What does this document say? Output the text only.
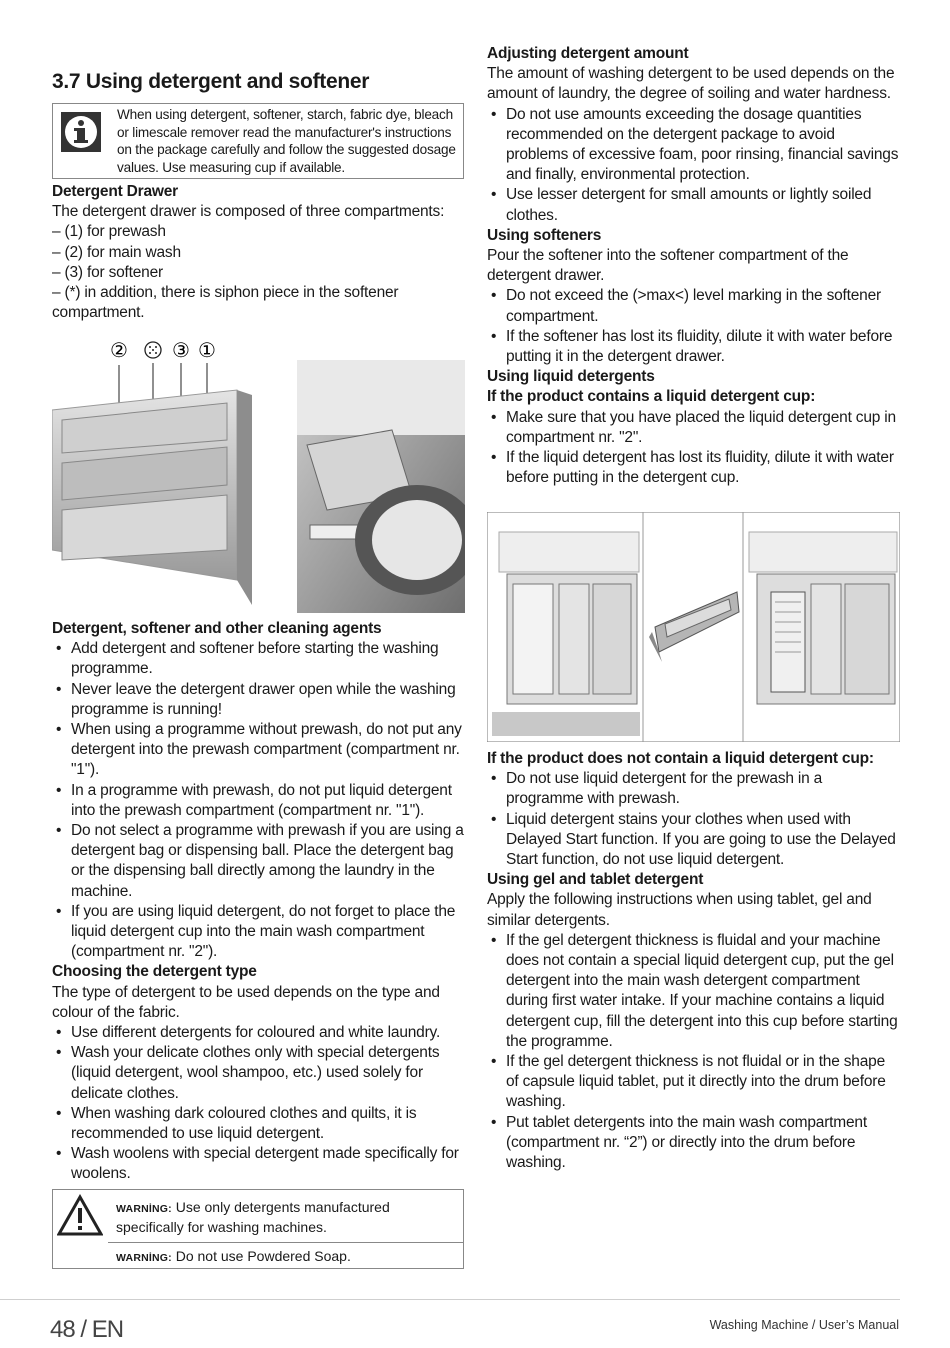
3.7 Using detergent and softener
When using detergent, softener, starch, fabric dye, bleach or limescale remover read the manufacturer's instructions on the package carefully and follow the suggested dosage values. Use measuring cup if available.
Detergent Drawer
The detergent drawer is composed of three compartments:
– (1) for prewash
– (2) for main wash
– (3) for softener
– (*) in addition, there is siphon piece in the softener compartment.
② ③ ①
Detergent, softener and other cleaning agents
• Add detergent and softener before starting the washing programme.
• Never leave the detergent drawer open while the washing programme is running!
• When using a programme without prewash, do not put any detergent into the prewash compartment (compartment nr. "1").
• In a programme with prewash, do not put liquid detergent into the prewash compartment (compartment nr. "1").
• Do not select a programme with prewash if you are using a detergent bag or dispensing ball. Place the detergent bag or the dispensing ball directly among the laundry in the machine.
• If you are using liquid detergent, do not forget to place the liquid detergent cup into the main wash compartment (compartment nr. "2").
Choosing the detergent type
The type of detergent to be used depends on the type and colour of the fabric.
• Use different detergents for coloured and white laundry.
• Wash your delicate clothes only with special detergents (liquid detergent, wool shampoo, etc.) used solely for delicate clothes.
• When washing dark coloured clothes and quilts, it is recommended to use liquid detergent.
• Wash woolens with special detergent made specifically for woolens.
WARNİNG: Use only detergents manufactured specifically for washing machines.
WARNİNG: Do not use Powdered Soap.
Adjusting detergent amount
The amount of washing detergent to be used depends on the amount of laundry, the degree of soiling and water hardness.
• Do not use amounts exceeding the dosage quantities recommended on the detergent package to avoid problems of excessive foam, poor rinsing, financial savings and finally, environmental protection.
• Use lesser detergent for small amounts or lightly soiled clothes.
Using softeners
Pour the softener into the softener compartment of the detergent drawer.
• Do not exceed the (>max<) level marking in the softener compartment.
• If the softener has lost its fluidity, dilute it with water before putting it in the detergent drawer.
Using liquid detergents
If the product contains a liquid detergent cup:
• Make sure that you have placed the liquid detergent cup in compartment nr. "2".
• If the liquid detergent has lost its fluidity, dilute it with water before putting in the detergent cup.
If the product does not contain a liquid detergent cup:
• Do not use liquid detergent for the prewash in a programme with prewash.
• Liquid detergent stains your clothes when used with Delayed Start function. If you are going to use the Delayed Start function, do not use liquid detergent.
Using gel and tablet detergent
Apply the following instructions when using tablet, gel and similar detergents.
• If the gel detergent thickness is fluidal and your machine does not contain a special liquid detergent cup, put the gel detergent into the main wash detergent compartment during first water intake. If your machine contains a liquid detergent cup, fill the detergent into this cup before starting the programme.
• If the gel detergent thickness is not fluidal or in the shape of capsule liquid tablet, put it directly into the drum before washing.
• Put tablet detergents into the main wash compartment (compartment nr. “2”) or directly into the drum before washing.
48 / EN	Washing Machine / User’s Manual
